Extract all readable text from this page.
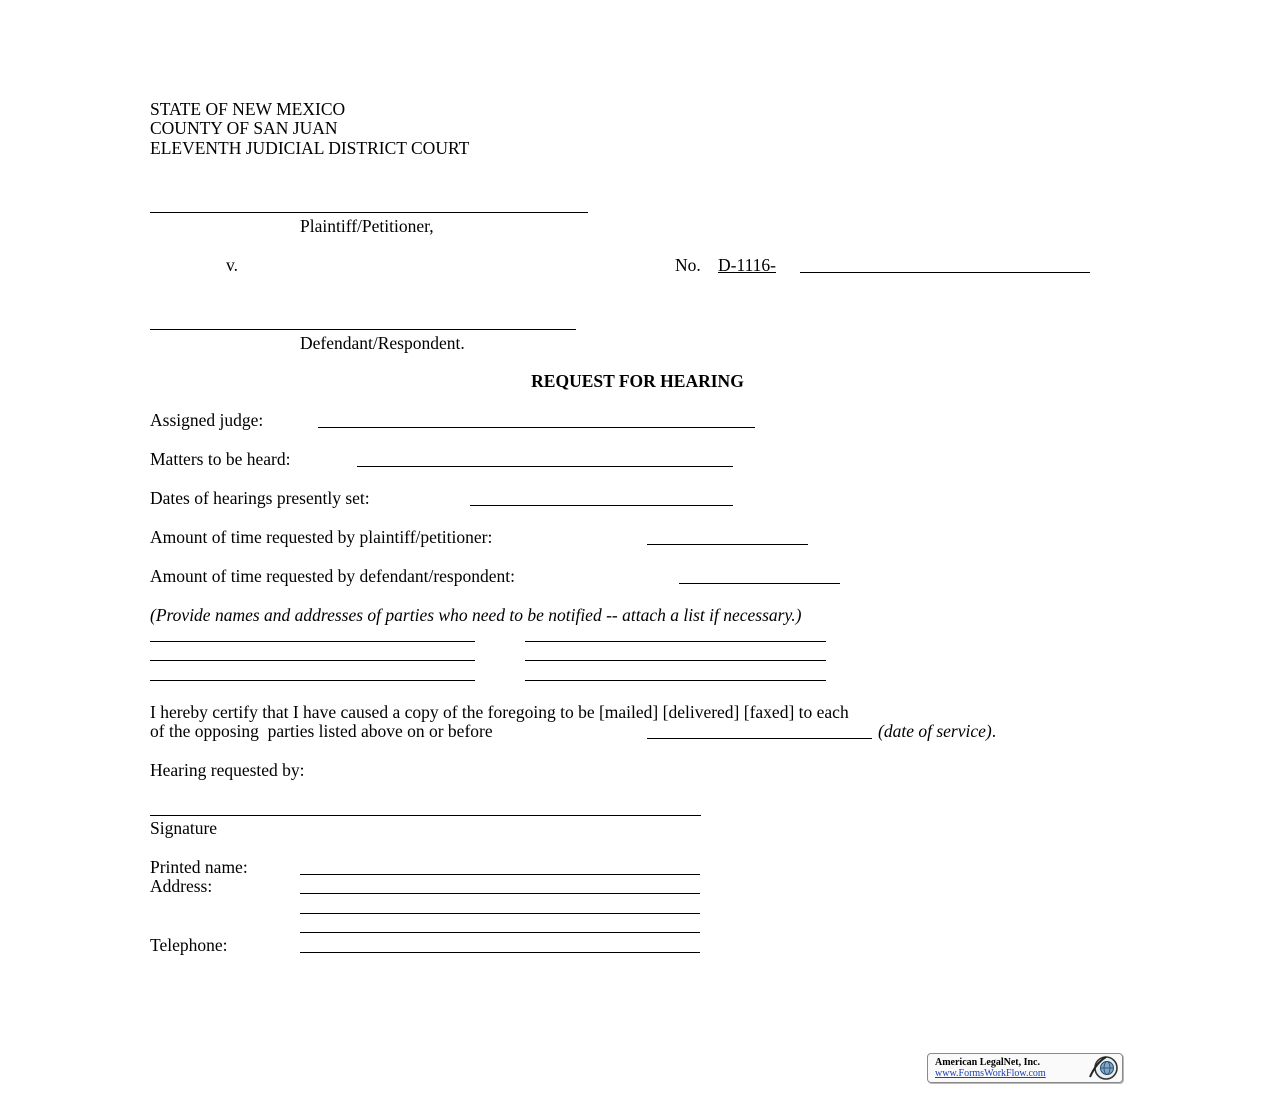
STATE OF NEW MEXICO
COUNTY OF SAN JUAN
ELEVENTH JUDICIAL DISTRICT COURT
Plaintiff/Petitioner,
v.	No. D-1116-
Defendant/Respondent.
REQUEST FOR HEARING
Assigned judge:
Matters to be heard:
Dates of hearings presently set:
Amount of time requested by plaintiff/petitioner:
Amount of time requested by defendant/respondent:
(Provide names and addresses of parties who need to be notified -- attach a list if necessary.)
I hereby certify that I have caused a copy of the foregoing to be [mailed] [delivered] [faxed] to each
of the opposing  parties listed above on or before	(date of service).
Hearing requested by:
Signature
Printed name:
Address:
Telephone:
American LegalNet, Inc.
www.FormsWorkFlow.com
